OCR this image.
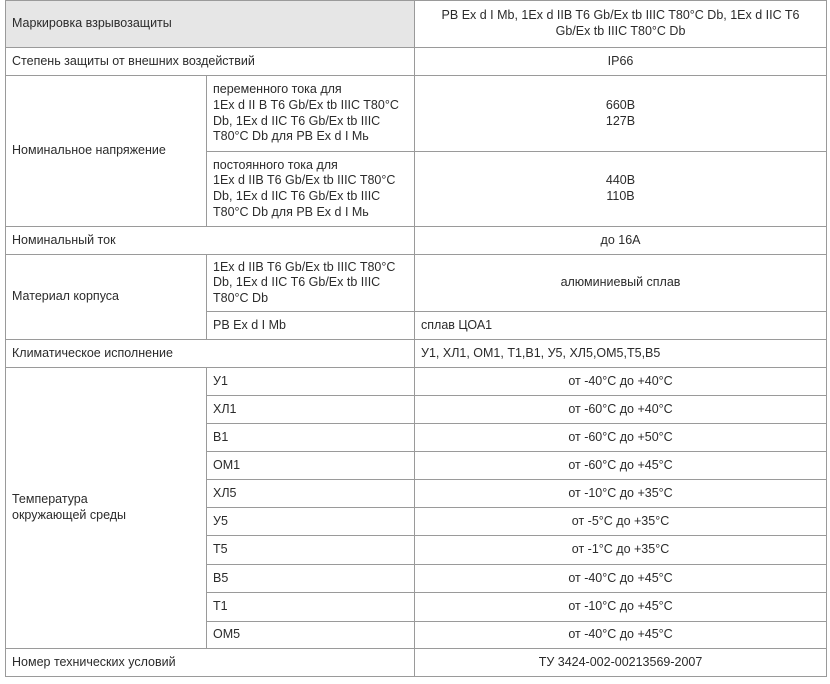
Маркировка взрывозащиты		PB Ex d I Mb, 1Ex d IIB T6 Gb/Ex tb IIIC T80°C Db, 1Ex d IIC T6
Gb/Ex tb IIIC T80°C Db
Степень защиты от внешних воздействий		IP66
Номинальное напряжение	переменного тока для
1Ex d II B T6 Gb/Ex tb IIIC T80°C
Db, 1Ex d IIC T6 Gb/Ex tb IIIC
T80°C Db для PB Ex d I Mь	660В
127В
	постоянного тока для
1Ex d IIB T6 Gb/Ex tb IIIC T80°C
Db, 1Ex d IIC T6 Gb/Ex tb IIIC
T80°C Db для PB Ex d I Mь	440В
110В
Номинальный ток		до 16А
Материал корпуса	1Ex d IIB T6 Gb/Ex tb IIIC T80°C
Db, 1Ex d IIC T6 Gb/Ex tb IIIC
T80°C Db	алюминиевый сплав
	PB Ex d I Mb	сплав ЦОА1
Климатическое исполнение		У1, ХЛ1, ОМ1, Т1,В1, У5, ХЛ5,ОМ5,Т5,В5
Температура
окружающей среды	У1	от -40°С до +40°С
	ХЛ1	от -60°С до +40°С
	В1	от -60°С до +50°С
	ОМ1	от -60°С до +45°С
	ХЛ5	от -10°С до +35°С
	У5	от -5°С до +35°С
	Т5	от -1°С до +35°С
	В5	от -40°С до +45°С
	Т1	от -10°С до +45°С
	ОМ5	от -40°С до +45°С
Номер технических условий		ТУ 3424-002-00213569-2007
